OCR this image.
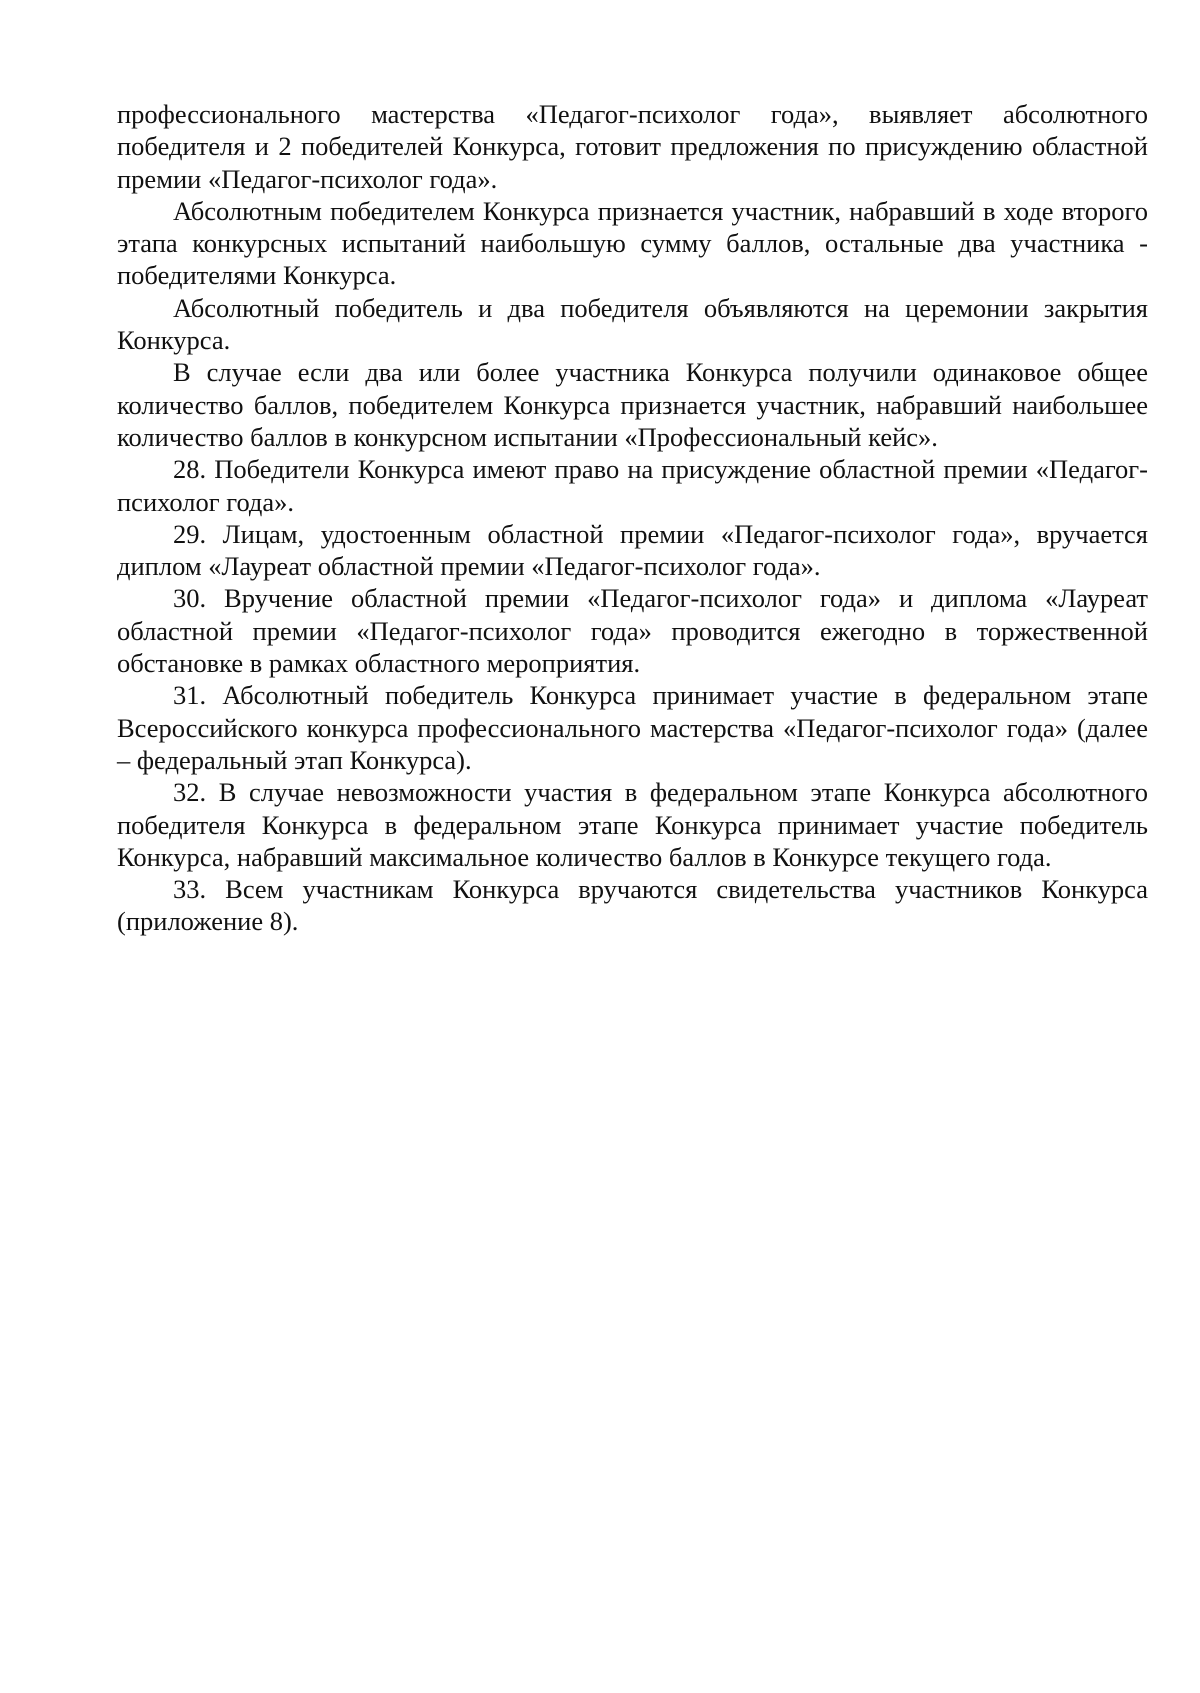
профессионального мастерства «Педагог-психолог года», выявляет абсолютного победителя и 2 победителей Конкурса, готовит предложения по присуждению областной премии «Педагог-психолог года».

Абсолютным победителем Конкурса признается участник, набравший в ходе второго этапа конкурсных испытаний наибольшую сумму баллов, остальные два участника - победителями Конкурса.

Абсолютный победитель и два победителя объявляются на церемонии закрытия Конкурса.

В случае если два или более участника Конкурса получили одинаковое общее количество баллов, победителем Конкурса признается участник, набравший наибольшее количество баллов в конкурсном испытании «Профессиональный кейс».

28. Победители Конкурса имеют право на присуждение областной премии «Педагог-психолог года».

29. Лицам, удостоенным областной премии «Педагог-психолог года», вручается диплом «Лауреат областной премии «Педагог-психолог года».

30. Вручение областной премии «Педагог-психолог года» и диплома «Лауреат областной премии «Педагог-психолог года» проводится ежегодно в торжественной обстановке в рамках областного мероприятия.

31. Абсолютный победитель Конкурса принимает участие в федеральном этапе Всероссийского конкурса профессионального мастерства «Педагог-психолог года» (далее – федеральный этап Конкурса).

32. В случае невозможности участия в федеральном этапе Конкурса абсолютного победителя Конкурса в федеральном этапе Конкурса принимает участие победитель Конкурса, набравший максимальное количество баллов в Конкурсе текущего года.

33. Всем участникам Конкурса вручаются свидетельства участников Конкурса (приложение 8).
